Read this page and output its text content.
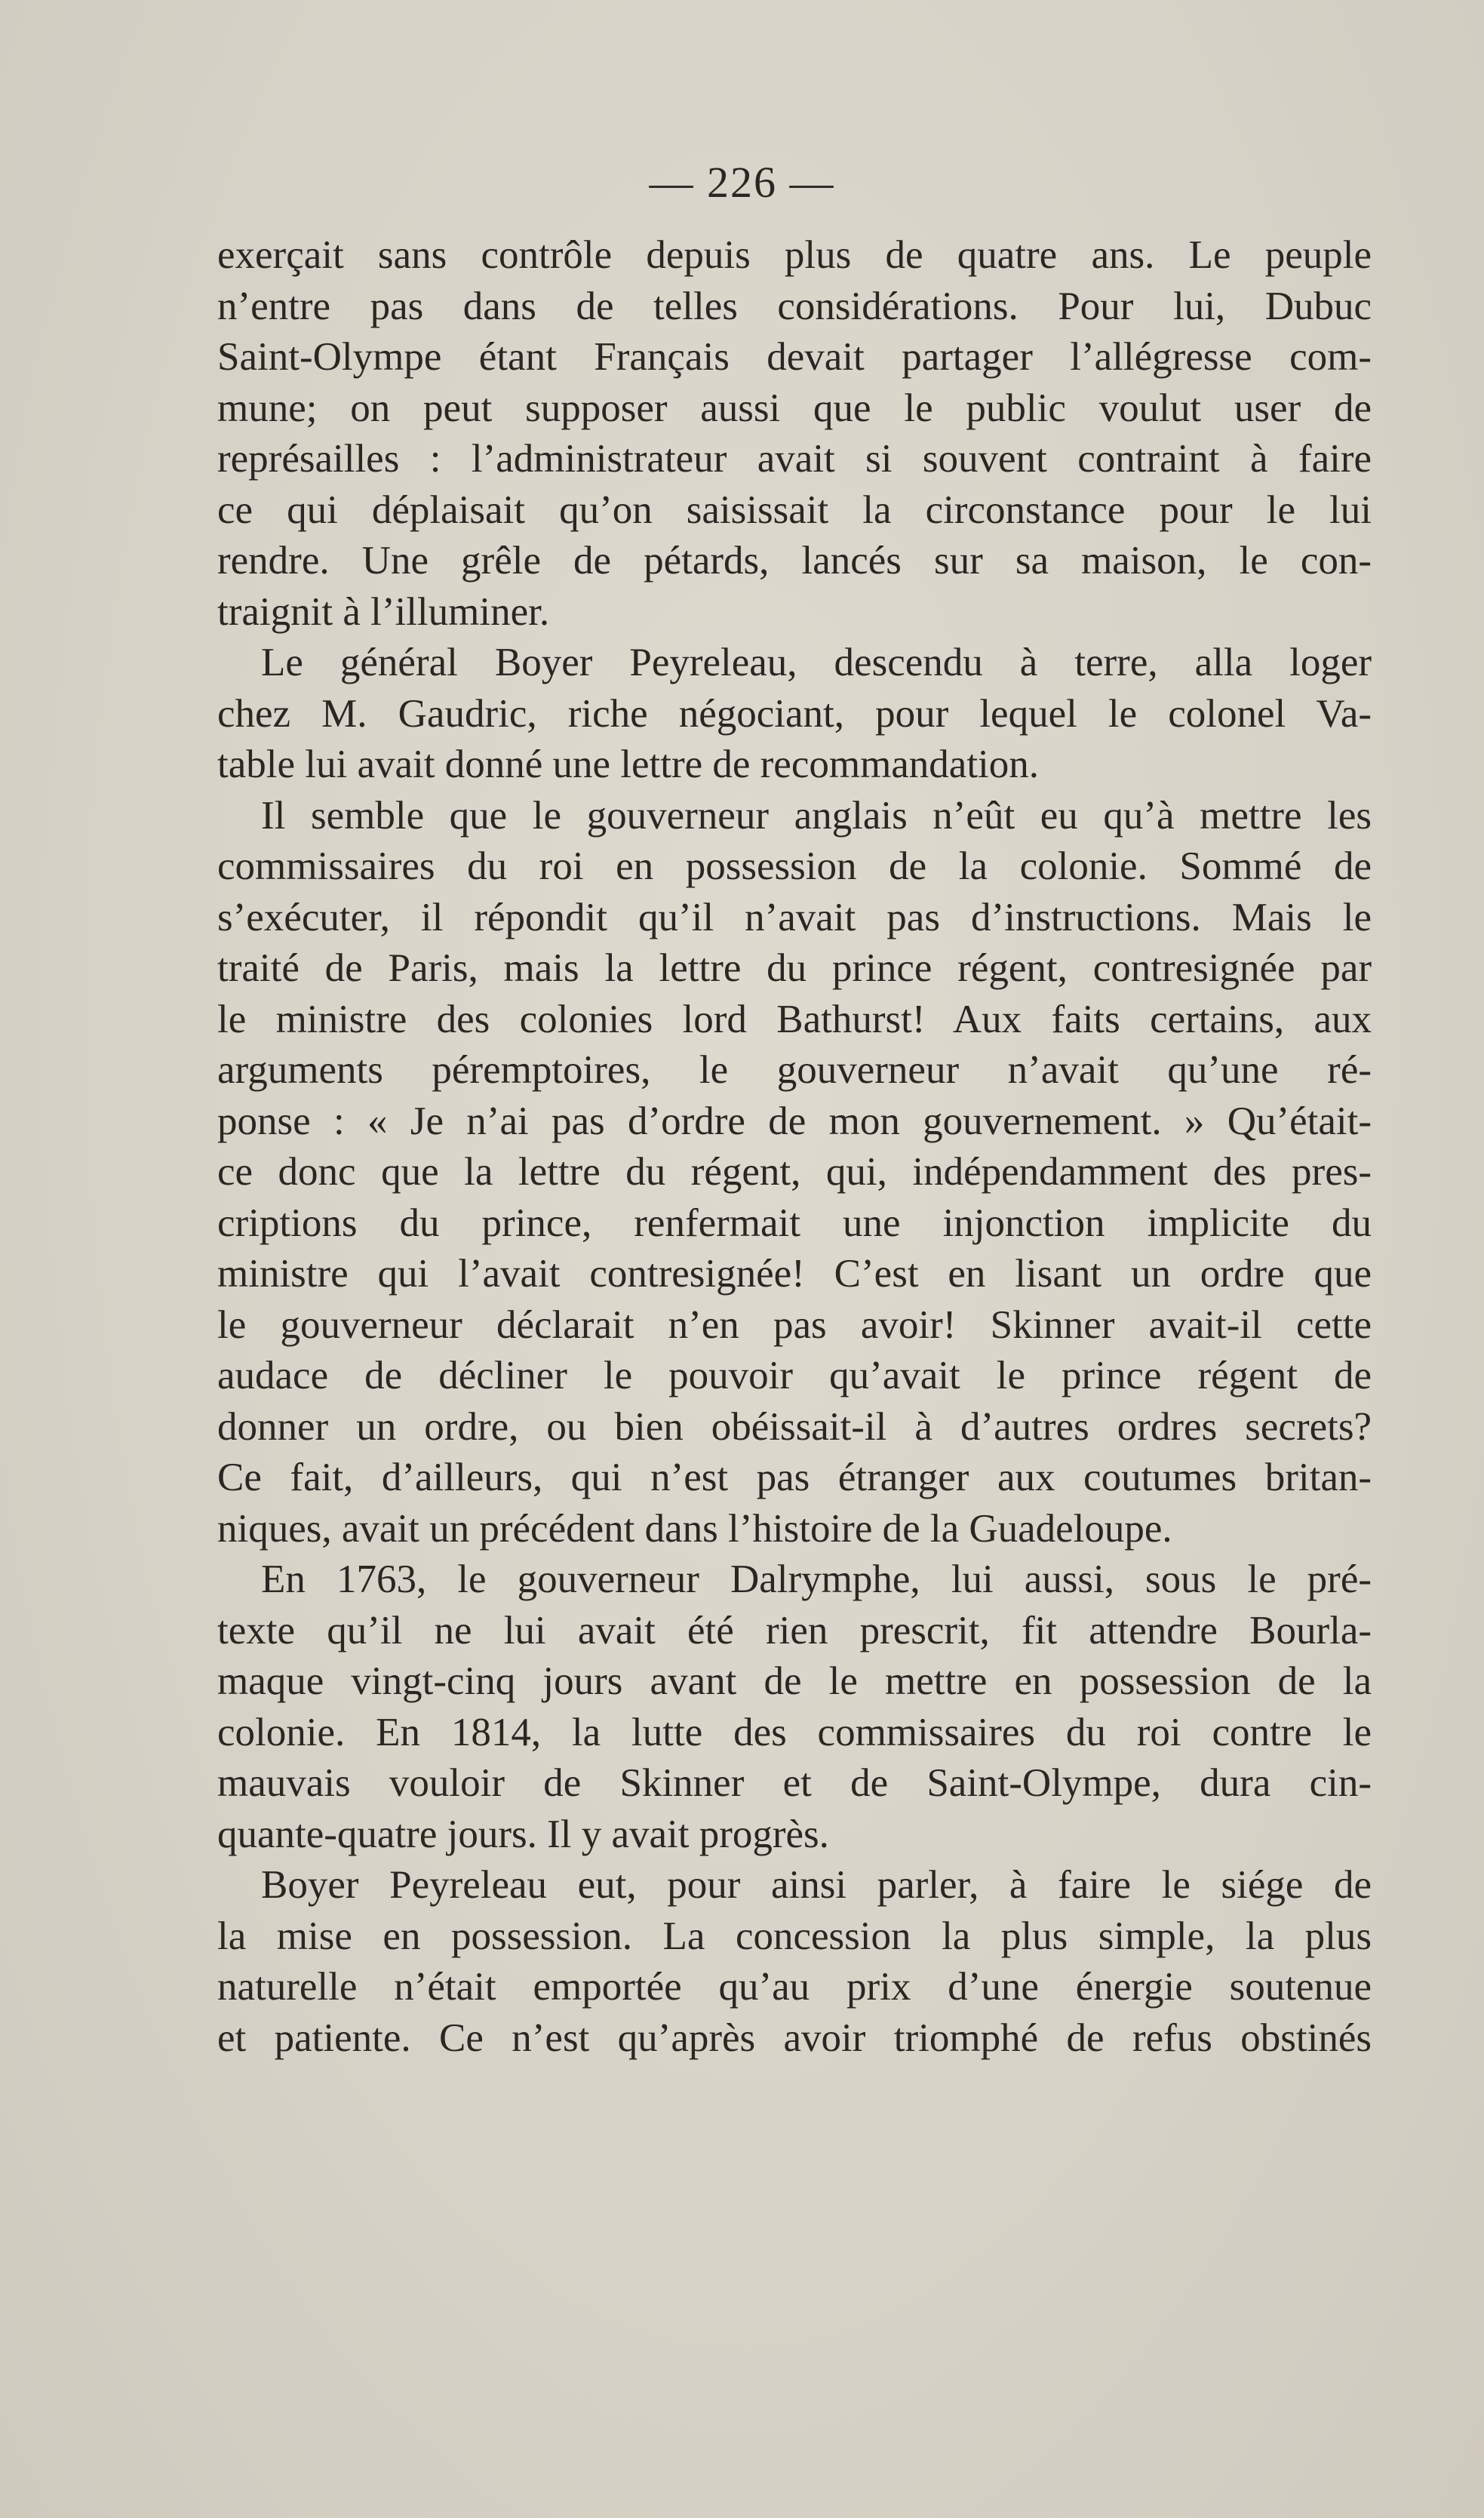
— 226 —
exerçait sans contrôle depuis plus de quatre ans. Le peuple
n’entre pas dans de telles considérations. Pour lui, Dubuc
Saint-Olympe étant Français devait partager l’allégresse com-
mune; on peut supposer aussi que le public voulut user de
représailles : l’administrateur avait si souvent contraint à faire
ce qui déplaisait qu’on saisissait la circonstance pour le lui
rendre. Une grêle de pétards, lancés sur sa maison, le con-
traignit à l’illuminer.
Le général Boyer Peyreleau, descendu à terre, alla loger
chez M. Gaudric, riche négociant, pour lequel le colonel Va-
table lui avait donné une lettre de recommandation.
Il semble que le gouverneur anglais n’eût eu qu’à mettre les
commissaires du roi en possession de la colonie. Sommé de
s’exécuter, il répondit qu’il n’avait pas d’instructions. Mais le
traité de Paris, mais la lettre du prince régent, contresignée par
le ministre des colonies lord Bathurst! Aux faits certains, aux
arguments péremptoires, le gouverneur n’avait qu’une ré-
ponse : « Je n’ai pas d’ordre de mon gouvernement. » Qu’était-
ce donc que la lettre du régent, qui, indépendamment des pres-
criptions du prince, renfermait une injonction implicite du
ministre qui l’avait contresignée! C’est en lisant un ordre que
le gouverneur déclarait n’en pas avoir! Skinner avait-il cette
audace de décliner le pouvoir qu’avait le prince régent de
donner un ordre, ou bien obéissait-il à d’autres ordres secrets?
Ce fait, d’ailleurs, qui n’est pas étranger aux coutumes britan-
niques, avait un précédent dans l’histoire de la Guadeloupe.
En 1763, le gouverneur Dalrymphe, lui aussi, sous le pré-
texte qu’il ne lui avait été rien prescrit, fit attendre Bourla-
maque vingt-cinq jours avant de le mettre en possession de la
colonie. En 1814, la lutte des commissaires du roi contre le
mauvais vouloir de Skinner et de Saint-Olympe, dura cin-
quante-quatre jours. Il y avait progrès.
Boyer Peyreleau eut, pour ainsi parler, à faire le siége de
la mise en possession. La concession la plus simple, la plus
naturelle n’était emportée qu’au prix d’une énergie soutenue
et patiente. Ce n’est qu’après avoir triomphé de refus obstinés
